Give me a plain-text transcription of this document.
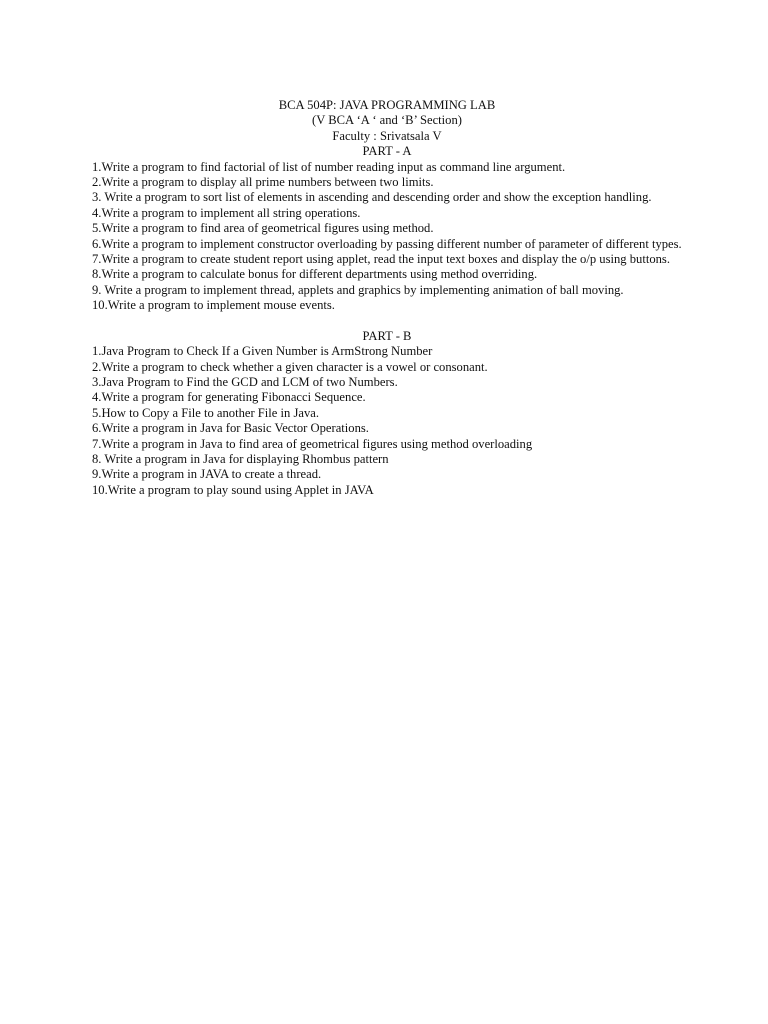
BCA 504P: JAVA PROGRAMMING LAB
(V BCA ‘A ‘ and ‘B’ Section)
Faculty : Srivatsala V
PART - A

1.Write a program to find factorial of list of number reading input as command line argument.

2.Write a program to display all prime numbers between two limits.

3. Write a program to sort list of elements in ascending and descending order and show the exception handling.

4.Write a program to implement all string operations.

5.Write a program to find area of geometrical figures using method.

6.Write a program to implement constructor overloading by passing different number of parameter of different types.

7.Write a program to create student report using applet, read the input text boxes and display the o/p using buttons.

8.Write a program to calculate bonus for different departments using method overriding.

9. Write a program to implement thread, applets and graphics by implementing animation of ball moving.

10.Write a program to implement mouse events.

PART - B

1.Java Program to Check If a Given Number is ArmStrong Number

2.Write a program to check whether a given character is a vowel or consonant.

3.Java Program to Find the GCD and LCM of two Numbers.

4.Write a program for generating Fibonacci Sequence.

5.How to Copy a File to another File in Java.

6.Write a program in Java for Basic Vector Operations.

7.Write a program in Java to find area of geometrical figures using method overloading

8. Write a program in Java for displaying Rhombus pattern

9.Write a program in JAVA to create a thread.

10.Write a program to play sound using Applet in JAVA
